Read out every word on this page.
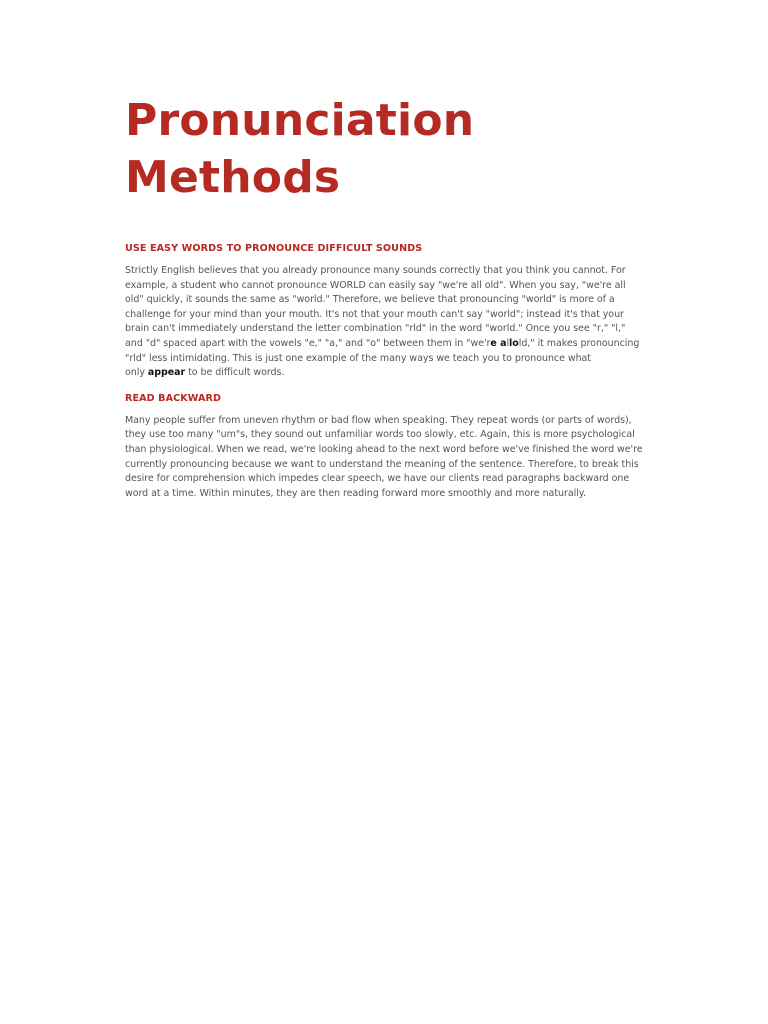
Pronunciation
Methods
USE EASY WORDS TO PRONOUNCE DIFFICULT SOUNDS

Strictly English believes that you already pronounce many sounds correctly that you think you cannot. For
example, a student who cannot pronounce WORLD can easily say "we're all old". When you say, "we're all
old" quickly, it sounds the same as "world." Therefore, we believe that pronouncing "world" is more of a
challenge for your mind than your mouth. It's not that your mouth can't say "world"; instead it's that your
brain can't immediately understand the letter combination "rld" in the word "world." Once you see "r," "l,"
and "d" spaced apart with the vowels "e," "a," and "o" between them in "we're allold," it makes pronouncing
"rld" less intimidating. This is just one example of the many ways we teach you to pronounce what
only appear to be difficult words.

READ BACKWARD

Many people suffer from uneven rhythm or bad flow when speaking. They repeat words (or parts of words),
they use too many "um"s, they sound out unfamiliar words too slowly, etc. Again, this is more psychological
than physiological. When we read, we're looking ahead to the next word before we've finished the word we're
currently pronouncing because we want to understand the meaning of the sentence. Therefore, to break this
desire for comprehension which impedes clear speech, we have our clients read paragraphs backward one
word at a time. Within minutes, they are then reading forward more smoothly and more naturally.
